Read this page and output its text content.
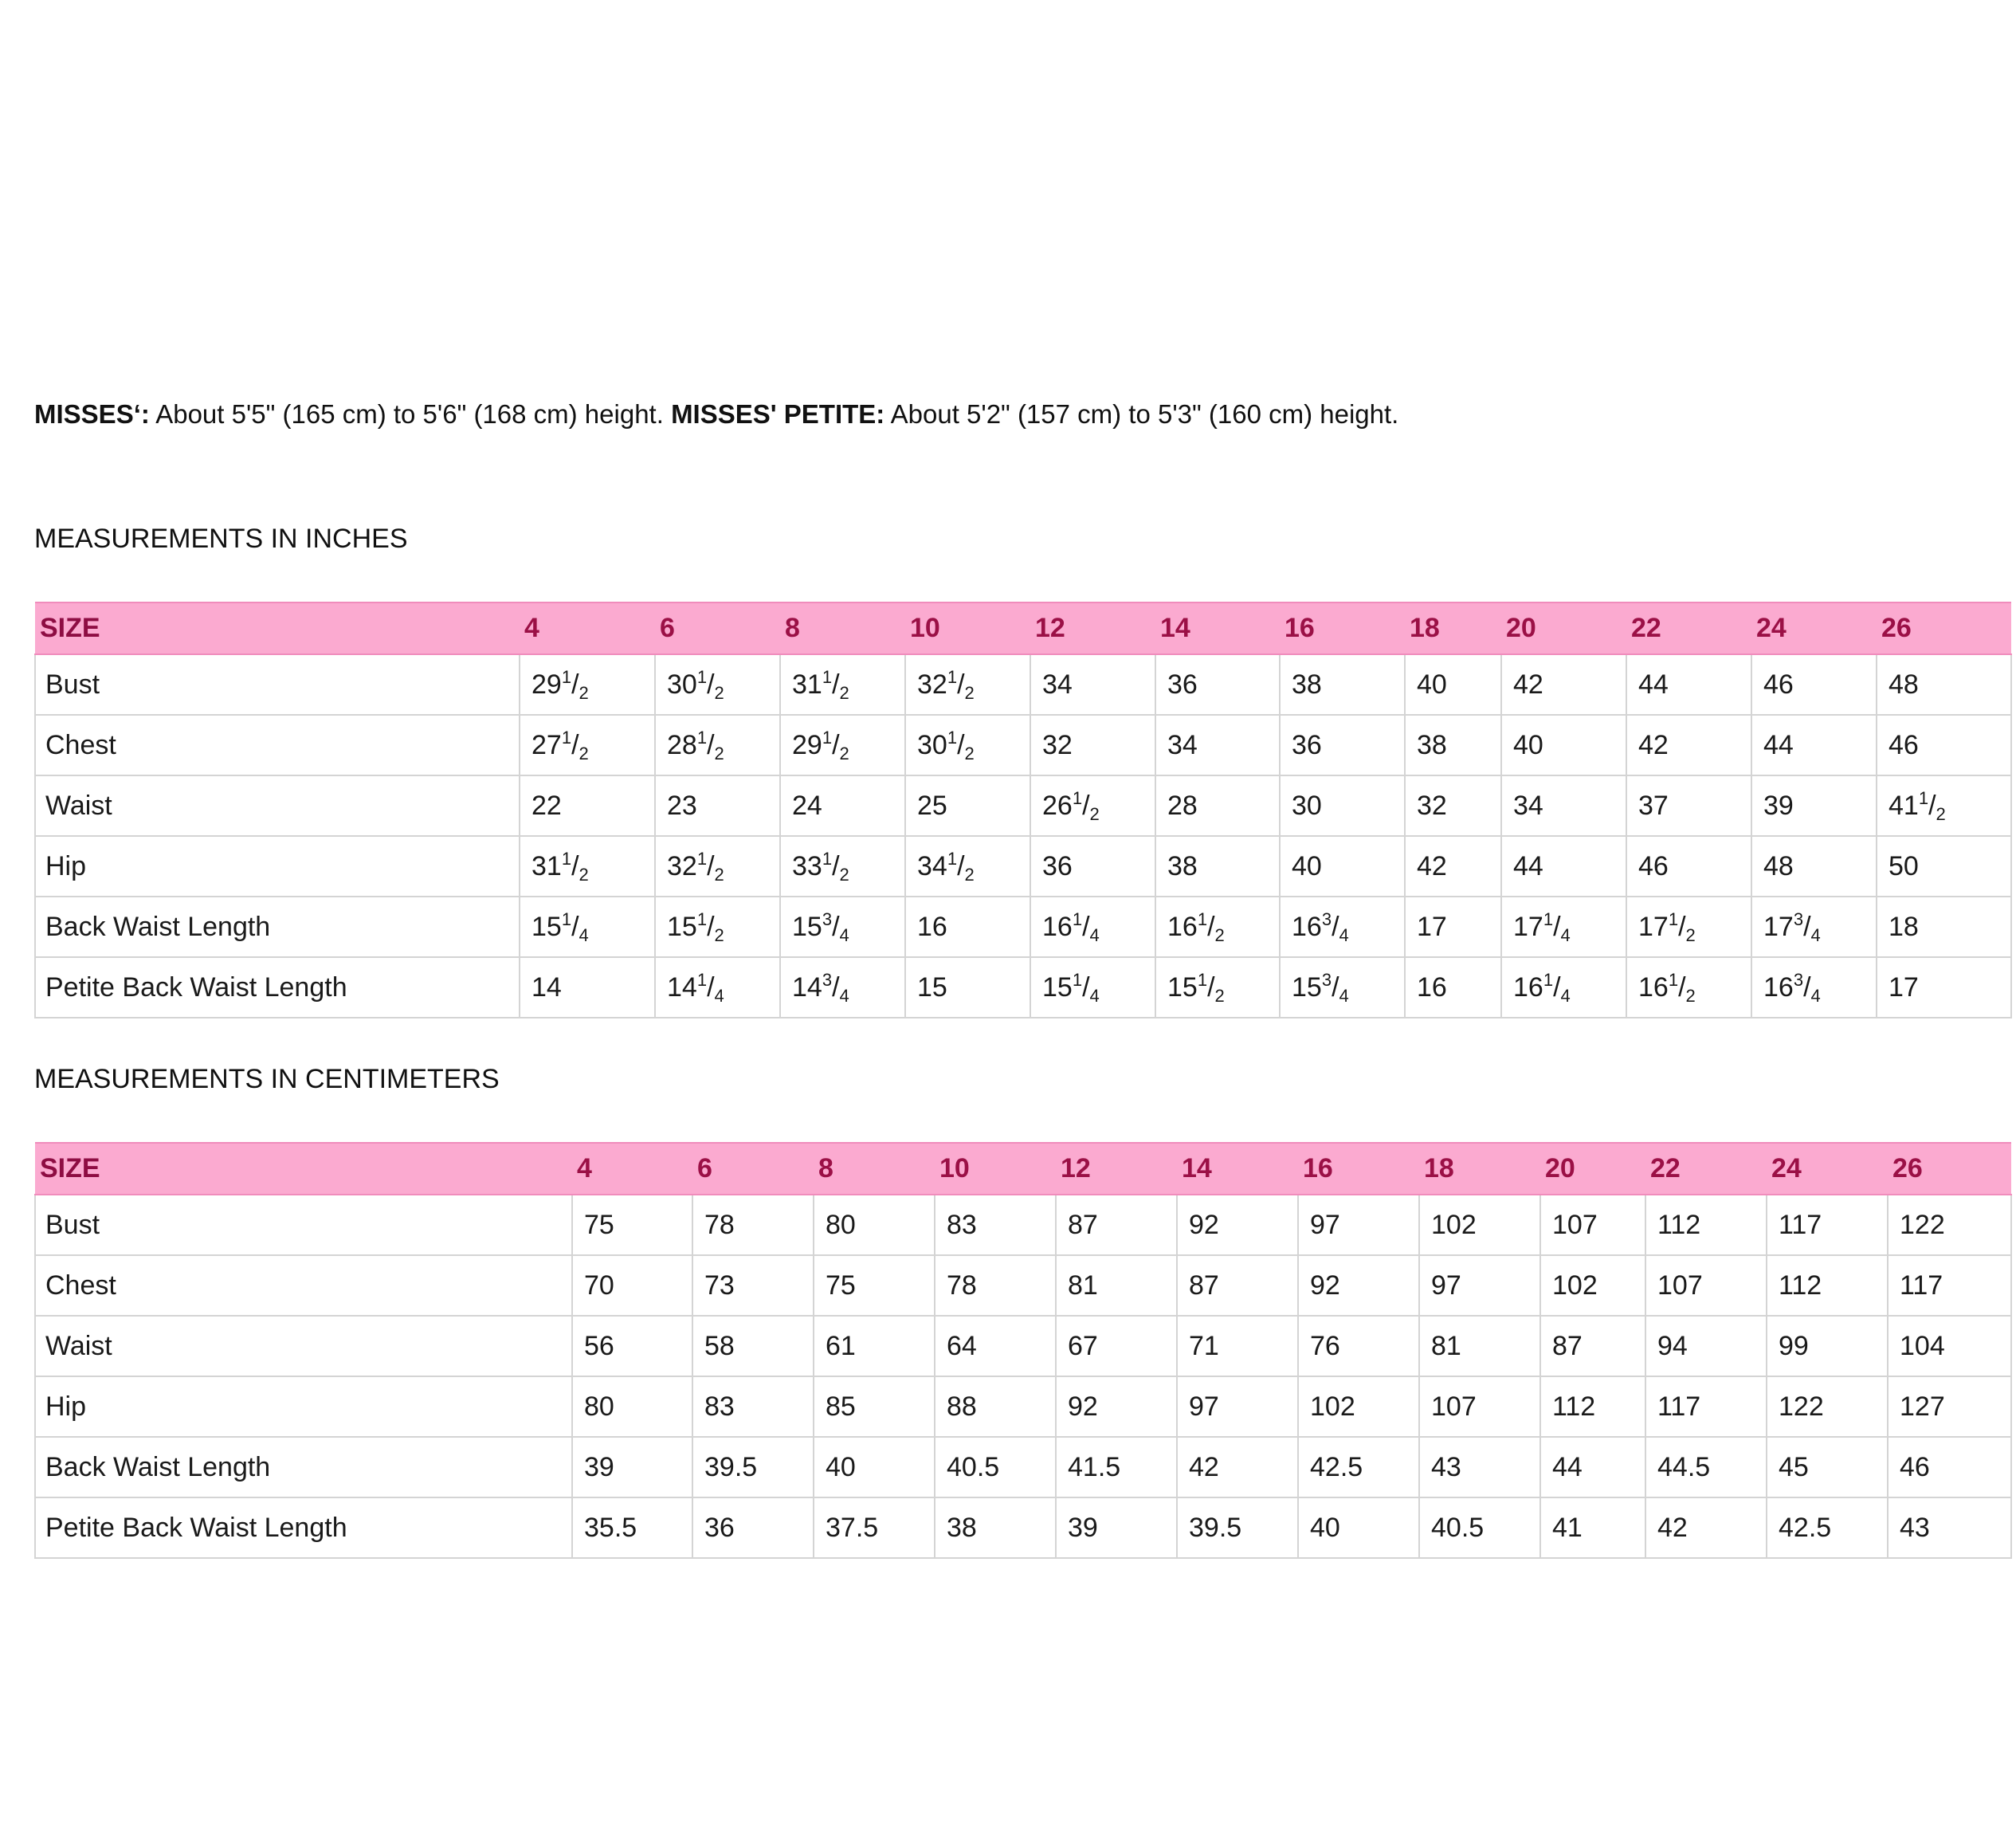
MISSES‘: About 5'5" (165 cm) to 5'6" (168 cm) height. MISSES' PETITE: About 5'2" (157 cm) to 5'3" (160 cm) height.
MEASUREMENTS IN INCHES
SIZE	4	6	8	10	12	14	16	18	20	22	24	26
Bust	$29^1/_2$	$30^1/_2$	$31^1/_2$	$32^1/_2$	34	36	38	40	42	44	46	48
Chest	$27^1/_2$	$28^1/_2$	$29^1/_2$	$30^1/_2$	32	34	36	38	40	42	44	46
Waist	22	23	24	25	$26^1/_2$	28	30	32	34	37	39	$41^1/_2$
Hip	$31^1/_2$	$32^1/_2$	$33^1/_2$	$34^1/_2$	36	38	40	42	44	46	48	50
Back Waist Length	$15^1/_4$	$15^1/_2$	$15^3/_4$	16	$16^1/_4$	$16^1/_2$	$16^3/_4$	17	$17^1/_4$	$17^1/_2$	$17^3/_4$	18
Petite Back Waist Length	14	$14^1/_4$	$14^3/_4$	15	$15^1/_4$	$15^1/_2$	$15^3/_4$	16	$16^1/_4$	$16^1/_2$	$16^3/_4$	17
MEASUREMENTS IN CENTIMETERS
SIZE	4	6	8	10	12	14	16	18	20	22	24	26
Bust	75	78	80	83	87	92	97	102	107	112	117	122
Chest	70	73	75	78	81	87	92	97	102	107	112	117
Waist	56	58	61	64	67	71	76	81	87	94	99	104
Hip	80	83	85	88	92	97	102	107	112	117	122	127
Back Waist Length	39	39.5	40	40.5	41.5	42	42.5	43	44	44.5	45	46
Petite Back Waist Length	35.5	36	37.5	38	39	39.5	40	40.5	41	42	42.5	43
